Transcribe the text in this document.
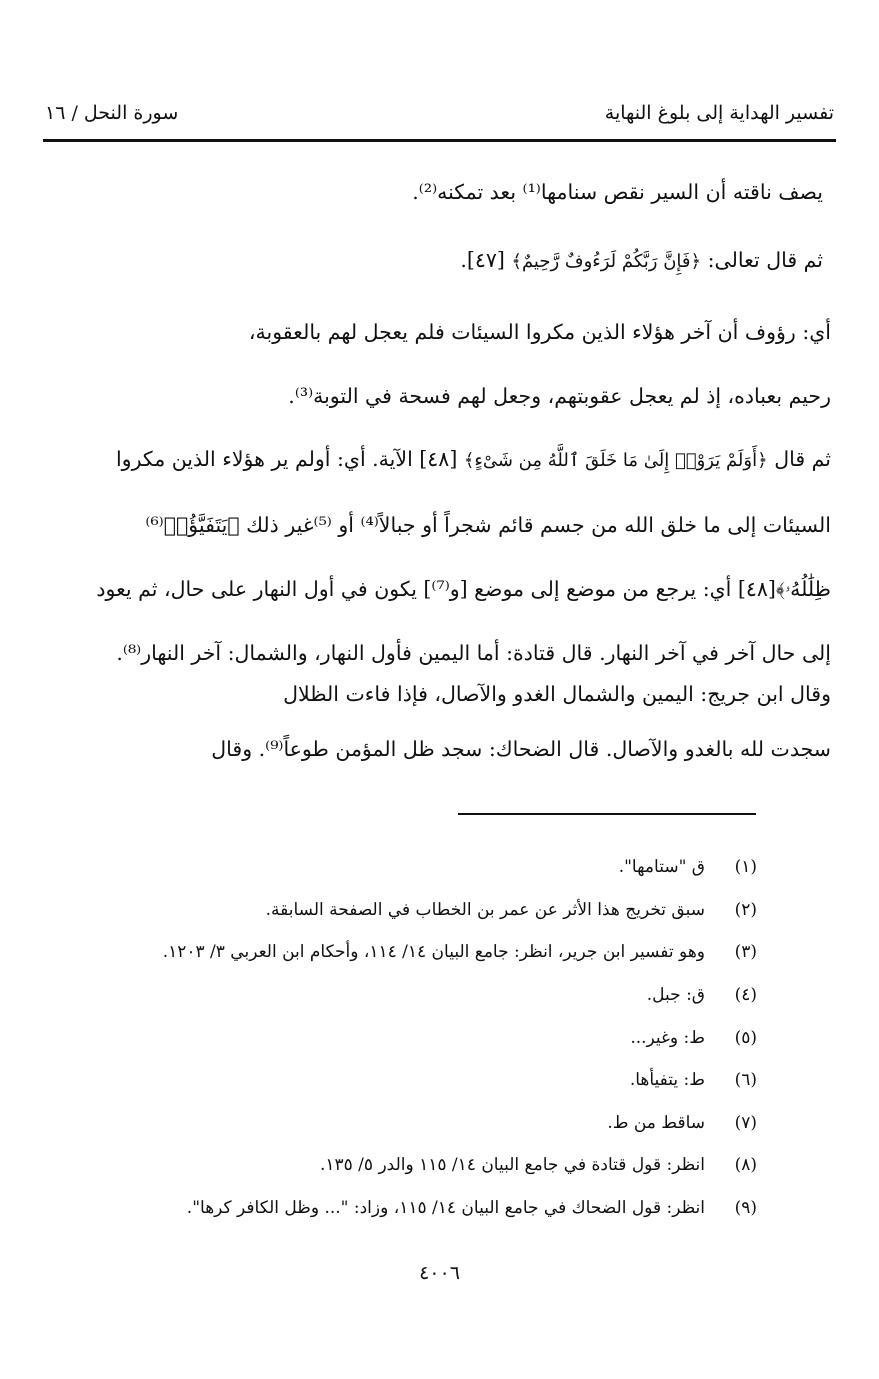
تفسير الهداية إلى بلوغ النهاية
سورة النحل / ١٦

يصف ناقته أن السير نقص سنامها⁽¹⁾ بعد تمكنه⁽²⁾.

ثم قال تعالى: ﴿فَإِنَّ رَبَّكُمْ لَرَءُوفٌ رَّحِيمٌ﴾ [٤٧].

أي: رؤوف أن آخر هؤلاء الذين مكروا السيئات فلم يعجل لهم بالعقوبة،
رحيم بعباده، إذ لم يعجل عقوبتهم، وجعل لهم فسحة في التوبة⁽³⁾.

ثم قال ﴿أَوَلَمْ يَرَوْا۟ إِلَىٰ مَا خَلَقَ ٱللَّهُ مِن شَىْءٍ﴾ [٤٨] الآية. أي: أولم ير هؤلاء الذين مكروا
السيئات إلى ما خلق الله من جسم قائم شجراً أو جبالاً⁽⁴⁾ أو ⁽⁵⁾غير ذلك ﴿يَتَفَيَّؤُا۟⁽⁶⁾
ظِلَٰلُهُۥ﴾[٤٨] أي: يرجع من موضع إلى موضع [و⁽⁷⁾] يكون في أول النهار على حال، ثم يعود
إلى حال آخر في آخر النهار. قال قتادة: أما اليمين فأول النهار، والشمال: آخر النهار⁽⁸⁾.

وقال ابن جريج: اليمين والشمال الغدو والآصال، فإذا فاءت الظلال
سجدت لله بالغدو والآصال. قال الضحاك: سجد ظل المؤمن طوعاً⁽⁹⁾. وقال

(١)
ق "ستامها".
(٢)
سبق تخريج هذا الأثر عن عمر بن الخطاب في الصفحة السابقة.
(٣)
وهو تفسير ابن جرير، انظر: جامع البيان ١٤/ ١١٤، وأحكام ابن العربي ٣/ ١٢٠٣.
(٤)
ق: جبل.
(٥)
ط: وغير...
(٦)
ط: يتفيأها.
(٧)
ساقط من ط.
(٨)
انظر: قول قتادة في جامع البيان ١٤/ ١١٥ والدر ٥/ ١٣٥.
(٩)
انظر: قول الضحاك في جامع البيان ١٤/ ١١٥، وزاد: "... وظل الكافر كرها".
٤٠٠٦
